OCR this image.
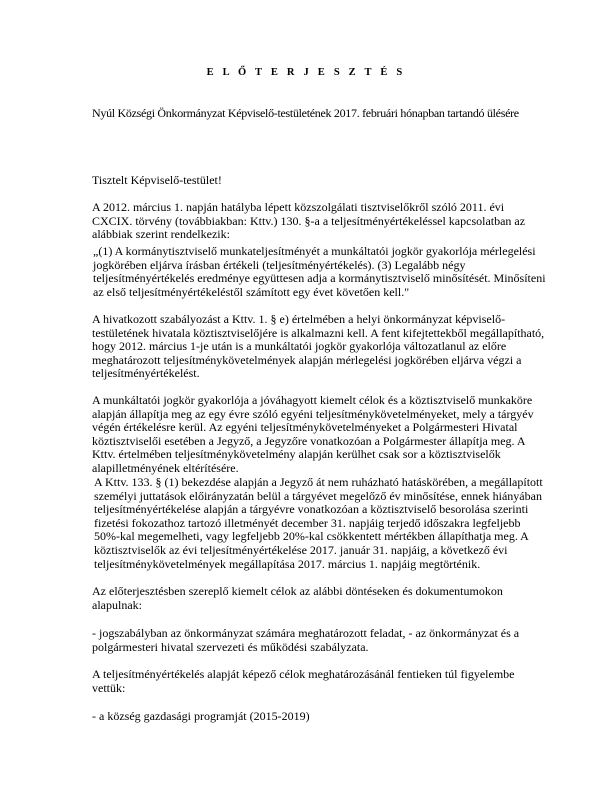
E L Ő T E R J E S Z T É S
Nyúl Községi Önkormányzat Képviselő-testületének 2017. februári hónapban tartandó ülésére
Tisztelt Képviselő-testület!
A 2012. március 1. napján hatályba lépett közszolgálati tisztviselőkről szóló 2011. évi
CXCIX. törvény (továbbiakban: Kttv.) 130. §-a a teljesítményértékeléssel kapcsolatban az
alábbiak szerint rendelkezik:
„(1) A kormánytisztviselő munkateljesítményét a munkáltatói jogkör gyakorlója mérlegelési
jogkörében eljárva írásban értékeli (teljesítményértékelés). (3) Legalább négy
teljesítményértékelés eredménye együttesen adja a kormánytisztviselő minősítését. Minősíteni
az első teljesítményértékeléstől számított egy évet követően kell."
A hivatkozott szabályozást a Kttv. 1. § e) értelmében a helyi önkormányzat képviselő-
testületének hivatala köztisztviselőjére is alkalmazni kell. A fent kifejtettekből megállapítható,
hogy 2012. március 1-je után is a munkáltatói jogkör gyakorlója változatlanul az előre
meghatározott teljesítménykövetelmények alapján mérlegelési jogkörében eljárva végzi a
teljesítményértékelést.
A munkáltatói jogkör gyakorlója a jóváhagyott kiemelt célok és a köztisztviselő munkaköre
alapján állapítja meg az egy évre szóló egyéni teljesítménykövetelményeket, mely a tárgyév
végén értékelésre kerül. Az egyéni teljesítménykövetelményeket a Polgármesteri Hivatal
köztisztviselői esetében a Jegyző, a Jegyzőre vonatkozóan a Polgármester állapítja meg. A
Kttv. értelmében teljesítménykövetelmény alapján kerülhet csak sor a köztisztviselők
alapilletményének eltérítésére.
A Kttv. 133. § (1) bekezdése alapján a Jegyző át nem ruházható hatáskörében, a megállapított
személyi juttatások előirányzatán belül a tárgyévet megelőző év minősítése, ennek hiányában
teljesítményértékelése alapján a tárgyévre vonatkozóan a köztisztviselő besorolása szerinti
fizetési fokozathoz tartozó illetményét december 31. napjáig terjedő időszakra legfeljebb
50%-kal megemelheti, vagy legfeljebb 20%-kal csökkentett mértékben állapíthatja meg. A
köztisztviselők az évi teljesítményértékelése 2017. január 31. napjáig, a következő évi
teljesítménykövetelmények megállapítása 2017. március 1. napjáig megtörténik.
Az előterjesztésben szereplő kiemelt célok az alábbi döntéseken és dokumentumokon
alapulnak:
- jogszabályban az önkormányzat számára meghatározott feladat, - az önkormányzat és a
polgármesteri hivatal szervezeti és működési szabályzata.
A teljesítményértékelés alapját képező célok meghatározásánál fentieken túl figyelembe
vettük:
- a község gazdasági programját (2015-2019)
